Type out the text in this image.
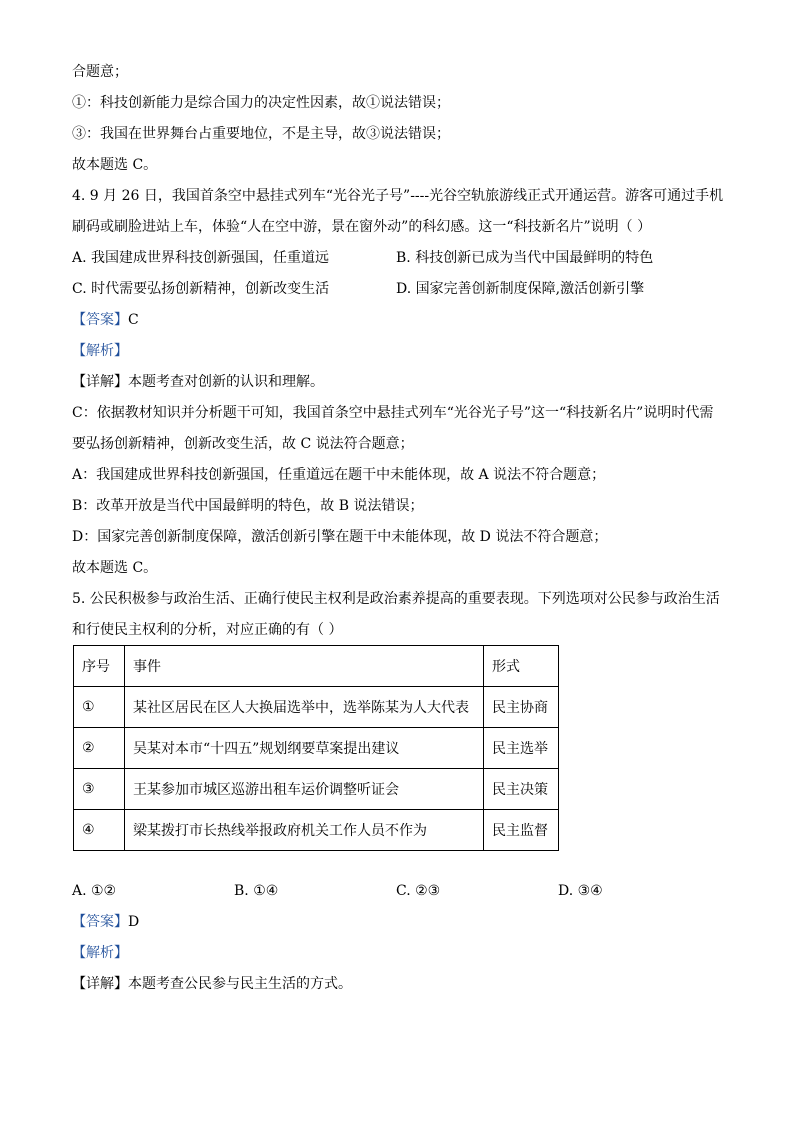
合题意；

①：科技创新能力是综合国力的决定性因素，故①说法错误；

③：我国在世界舞台占重要地位，不是主导，故③说法错误；

故本题选 C。

4. 9 月 26 日，我国首条空中悬挂式列车“光谷光子号”----光谷空轨旅游线正式开通运营。游客可通过手机

刷码或刷脸进站上车，体验“人在空中游，景在窗外动”的科幻感。这一“科技新名片”说明（ ）

A. 我国建成世界科技创新强国，任重道远	B. 科技创新已成为当代中国最鲜明的特色
C. 时代需要弘扬创新精神，创新改变生活	D. 国家完善创新制度保障,激活创新引擎

【答案】C

【解析】

【详解】本题考查对创新的认识和理解。

C：依据教材知识并分析题干可知，我国首条空中悬挂式列车“光谷光子号”这一“科技新名片”说明时代需

要弘扬创新精神，创新改变生活，故 C 说法符合题意；

A：我国建成世界科技创新强国，任重道远在题干中未能体现，故 A 说法不符合题意；

B：改革开放是当代中国最鲜明的特色，故 B 说法错误；

D：国家完善创新制度保障，激活创新引擎在题干中未能体现，故 D 说法不符合题意；

故本题选 C。

5. 公民积极参与政治生活、正确行使民主权利是政治素养提高的重要表现。下列选项对公民参与政治生活

和行使民主权利的分析，对应正确的有（ ）

序号	事件	形式
①	某社区居民在区人大换届选举中，选举陈某为人大代表	民主协商
②	吴某对本市“十四五”规划纲要草案提出建议	民主选举
③	王某参加市城区巡游出租车运价调整听证会	民主决策
④	梁某拨打市长热线举报政府机关工作人员不作为	民主监督
A. ①②	B. ①④	C. ②③	D. ③④

【答案】D

【解析】

【详解】本题考查公民参与民主生活的方式。
